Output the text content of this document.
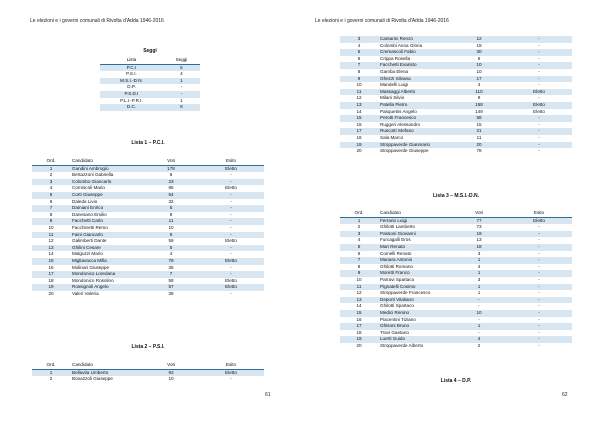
Le elezioni e i governi comunali di Rivolta d'Adda 1946-2016
Seggi
Lista	Seggi
P.C.I	6
P.S.I.	4
M.S.I.-D.N.	1
D.P.	-
P.S.D.I	-
P.L.I.-P.R.I.	1
D.C.	8
Lista 1 – P.C.I.
Ord.	Candidato	Voti	Esito
1	Gandini Ambrogio	178	Eletto
2	Bertazzoni Gabriella	8	-
3	Colombo Giancarlo	23	-
4	Corniscoli Mario	85	Eletto
5	Corti Giuseppe	54	-
6	Daleda Livio	32	-
7	Damiani Enrico	5	-
8	Danesano Emilio	8	-
9	Facchetti Carlo	11	-
10	Facchinetti Remo	10	-
11	Faini Giancarlo	9	-
12	Galimberti Dante	59	Eletto
13	Ghilini Cesare	5	-
14	Malguzzi Mario	4	-
15	Migliavacca Milla	78	Eletto
16	Molinari Giuseppe	35	-
17	Mondonico Loredana	7	-
18	Mondonico Rosolino	58	Eletto
19	Rossignoli Angelo	57	Eletto
20	Valeri Valeria	39	-
Lista 2 – P.S.I.
Ord.	Candidato	Voti	Esito
1	Bellavita Umberto	93	Eletto
2	Bonazzoli Giuseppe	10	-
61
Le elezioni e i governi comunali di Rivolta d'Adda 1946-2016
3	Cantarini Renzo	12	-
4	Colombi Anna Gloria	19	-
5	Cremascoli Fabio	30	-
6	Crippa Rosella	6	-
7	Facchetti Evaristo	10	-
8	Gamba Elena	10	-
9	Ghezzi Silvana	17	-
10	Mandelli Luigi	4	-
11	Massaggi Alberto	110	Eletto
12	Milani Silvio	9	-
13	Patella Pietro	158	Eletto
14	Pasquetini Angelo	149	Eletto
15	Perotti Francesco	58	-
16	Ruggeri Alessandro	15	-
17	Ruscotti Stefano	21	-
18	Sala Marco	11	-
19	Stroppaverde Gianmario	20	-
20	Stroppaverde Giuseppe	78	-
Lista 3 – M.S.I.-D.N.
Ord.	Candidato	Voti	Esito
1	Ferrario Luigi	77	Eletto
2	Ghilotti Lamberto	73	-
3	Passoni Giovanni	19	-
4	Furcagalli Eros	13	-
5	Mari Renato	18	-
6	Comelli Renato	3	-
7	Manara Antonio	1	-
8	Ghilotti Romano	4	-
9	Moretti Franco	1	-
10	Parravi Spartaco	3	-
11	Pignatelli Cosimo	1	-
12	Stroppaverde Francesco	1	-
13	Deporti Vitaliano	-	-
14	Ghilotti Spartaco	-	-
15	Medici Renino	10	-
16	Piacentini Tiziano	-	-
17	Ghisoni Bruno	1	-
18	Travi Gaetano	-	-
19	Luerti Guido	4	-
20	Stroppaverde Alberto	2	-
Lista 4 – D.P.
62
